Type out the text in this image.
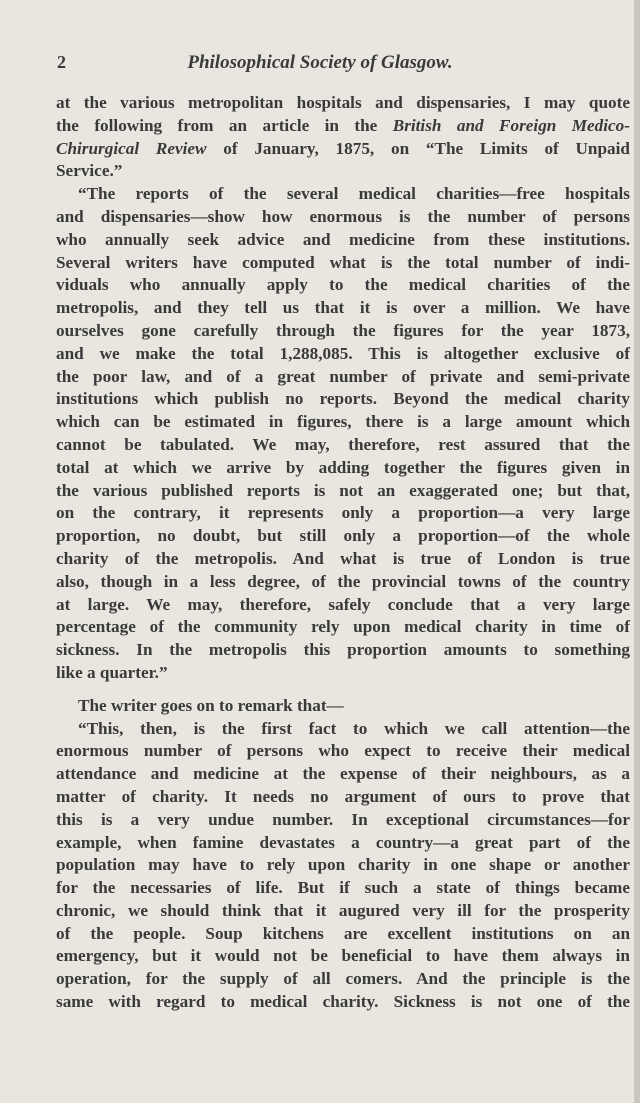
2	Philosophical Society of Glasgow.
at the various metropolitan hospitals and dispensaries, I may quote
the following from an article in the British and Foreign Medico-
Chirurgical Review of January, 1875, on “The Limits of Unpaid
Service.”
“The reports of the several medical charities—free hospitals
and dispensaries—show how enormous is the number of persons
who annually seek advice and medicine from these institutions.
Several writers have computed what is the total number of indi-
viduals who annually apply to the medical charities of the
metropolis, and they tell us that it is over a million. We have
ourselves gone carefully through the figures for the year 1873,
and we make the total 1,288,085. This is altogether exclusive of
the poor law, and of a great number of private and semi-private
institutions which publish no reports. Beyond the medical charity
which can be estimated in figures, there is a large amount which
cannot be tabulated. We may, therefore, rest assured that the
total at which we arrive by adding together the figures given in
the various published reports is not an exaggerated one; but that,
on the contrary, it represents only a proportion—a very large
proportion, no doubt, but still only a proportion—of the whole
charity of the metropolis. And what is true of London is true
also, though in a less degree, of the provincial towns of the country
at large. We may, therefore, safely conclude that a very large
percentage of the community rely upon medical charity in time of
sickness. In the metropolis this proportion amounts to something
like a quarter.”
The writer goes on to remark that—
“This, then, is the first fact to which we call attention—the
enormous number of persons who expect to receive their medical
attendance and medicine at the expense of their neighbours, as a
matter of charity. It needs no argument of ours to prove that
this is a very undue number. In exceptional circumstances—for
example, when famine devastates a country—a great part of the
population may have to rely upon charity in one shape or another
for the necessaries of life. But if such a state of things became
chronic, we should think that it augured very ill for the prosperity
of the people. Soup kitchens are excellent institutions on an
emergency, but it would not be beneficial to have them always in
operation, for the supply of all comers. And the principle is the
same with regard to medical charity. Sickness is not one of the
